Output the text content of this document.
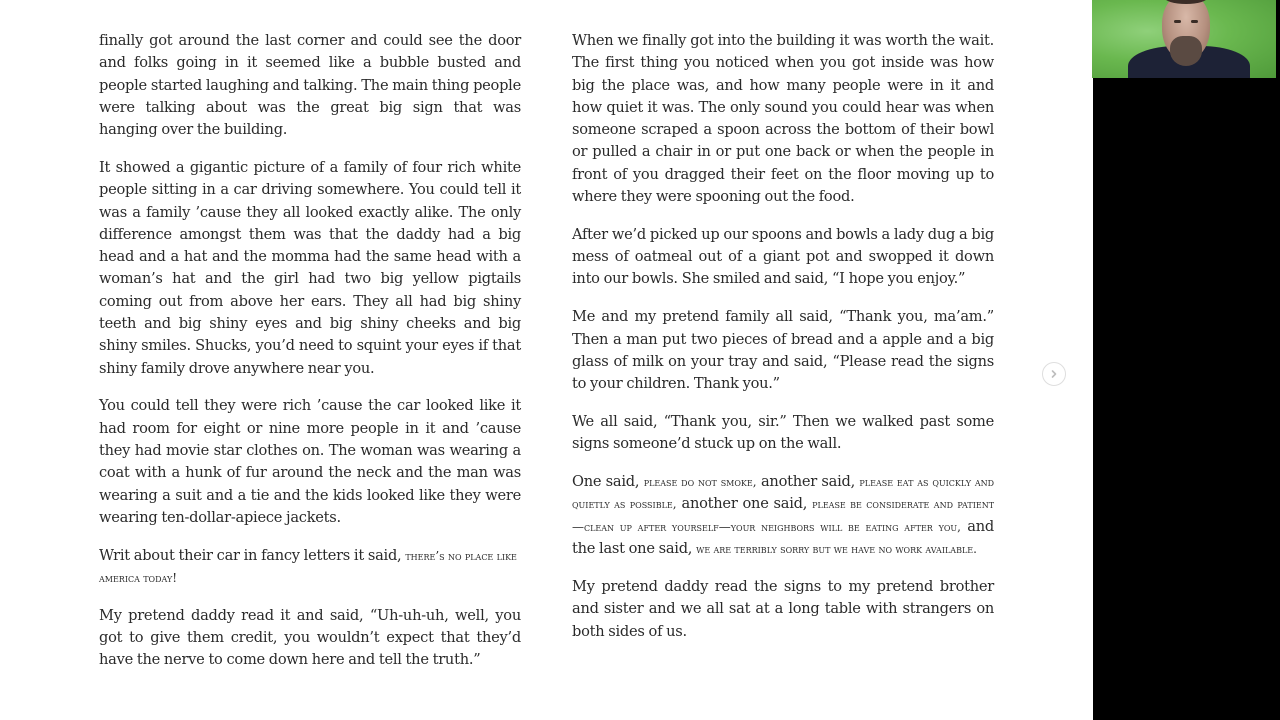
finally got around the last corner and could see the door and folks going in it seemed like a bubble busted and people started laughing and talking. The main thing people were talking about was the great big sign that was hanging over the building.

It showed a gigantic picture of a family of four rich white people sitting in a car driving somewhere. You could tell it was a family ’cause they all looked exactly alike. The only difference amongst them was that the daddy had a big head and a hat and the momma had the same head with a woman’s hat and the girl had two big yellow pigtails coming out from above her ears. They all had big shiny teeth and big shiny eyes and big shiny cheeks and big shiny smiles. Shucks, you’d need to squint your eyes if that shiny family drove anywhere near you.

You could tell they were rich ’cause the car looked like it had room for eight or nine more people in it and ’cause they had movie star clothes on. The woman was wearing a coat with a hunk of fur around the neck and the man was wearing a suit and a tie and the kids looked like they were wearing ten-dollar-apiece jackets.

Writ about their car in fancy letters it said, there’s no place like america today!

My pretend daddy read it and said, “Uh-uh-uh, well, you got to give them credit, you wouldn’t expect that they’d have the nerve to come down here and tell the truth.”

When we finally got into the building it was worth the wait. The first thing you noticed when you got inside was how big the place was, and how many people were in it and how quiet it was. The only sound you could hear was when someone scraped a spoon across the bottom of their bowl or pulled a chair in or put one back or when the people in front of you dragged their feet on the floor moving up to where they were spooning out the food.

After we’d picked up our spoons and bowls a lady dug a big mess of oatmeal out of a giant pot and swopped it down into our bowls. She smiled and said, “I hope you enjoy.”

Me and my pretend family all said, “Thank you, ma’am.” Then a man put two pieces of bread and a apple and a big glass of milk on your tray and said, “Please read the signs to your children. Thank you.”

We all said, “Thank you, sir.” Then we walked past some signs someone’d stuck up on the wall.

One said, please do not smoke, another said, please eat as quickly and quietly as possible, another one said, please be considerate and patient—clean up after yourself—your neighbors will be eating after you, and the last one said, we are terribly sorry but we have no work available.

My pretend daddy read the signs to my pretend brother and sister and we all sat at a long table with strangers on both sides of us.
